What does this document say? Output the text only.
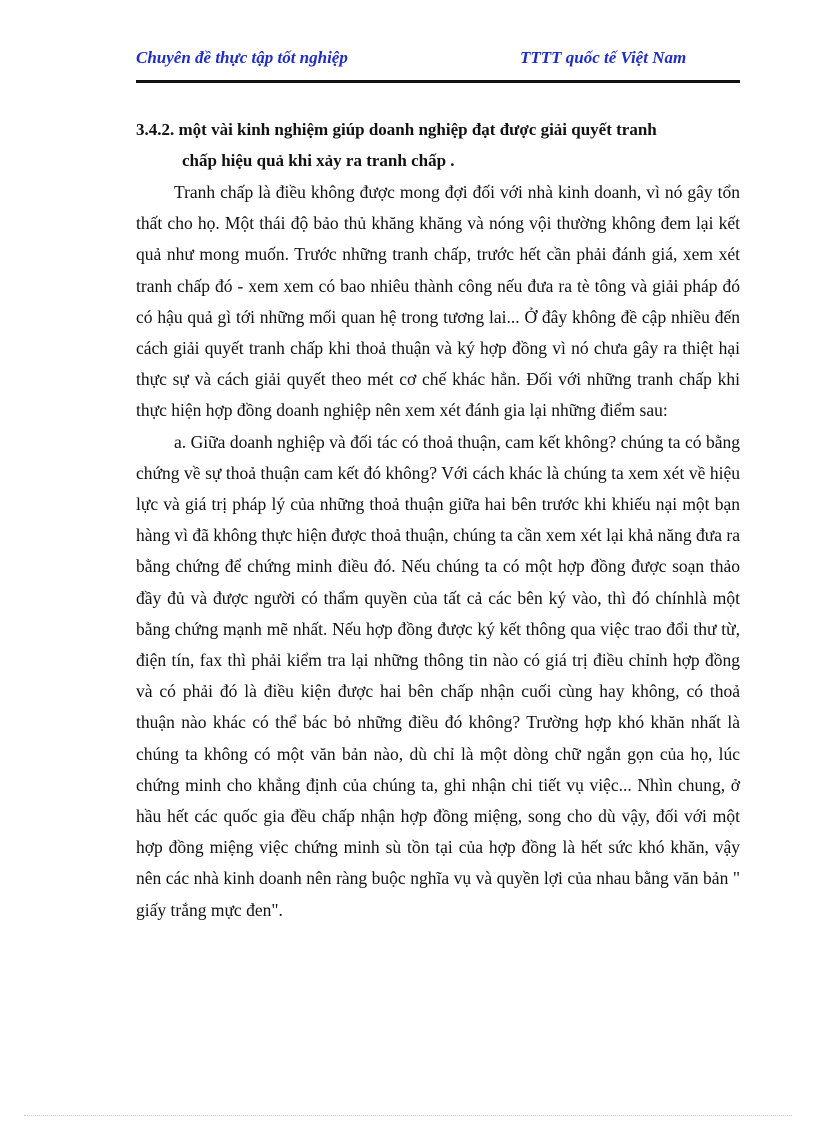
Chuyên đề thực tập tốt nghiệp	TTTT quốc tế Việt Nam
3.4.2. một vài kinh nghiệm giúp doanh nghiệp đạt được giải quyết tranh
chấp hiệu quả khi xảy ra tranh chấp .

Tranh chấp là điều không được mong đợi đối với nhà kinh doanh, vì nó gây tổn thất cho họ. Một thái độ bảo thủ khăng khăng và nóng vội thường không đem lại kết quả như mong muốn. Trước những tranh chấp, trước hết cần phải đánh giá, xem xét tranh chấp đó - xem xem có bao nhiêu thành công nếu đưa ra tè tông và giải pháp đó có hậu quả gì tới những mối quan hệ trong tương lai... Ở đây không đề cập nhiều đến cách giải quyết tranh chấp khi thoả thuận và ký hợp đồng vì nó chưa gây ra thiệt hại thực sự và cách giải quyết theo mét cơ chế khác hẳn. Đối với những tranh chấp khi thực hiện hợp đồng doanh nghiệp nên xem xét đánh gia lại những điểm sau:

a. Giữa doanh nghiệp và đối tác có thoả thuận, cam kết không? chúng ta có bằng chứng về sự thoả thuận cam kết đó không? Với cách khác là chúng ta xem xét về hiệu lực và giá trị pháp lý của những thoả thuận giữa hai bên trước khi khiếu nại một bạn hàng vì đã không thực hiện được thoả thuận, chúng ta cần xem xét lại khả năng đưa ra bằng chứng để chứng minh điều đó. Nếu chúng ta có một hợp đồng được soạn thảo đầy đủ và được người có thẩm quyền của tất cả các bên ký vào, thì đó chínhlà một bằng chứng mạnh mẽ nhất. Nếu hợp đồng được ký kết thông qua việc trao đổi thư từ, điện tín, fax thì phải kiểm tra lại những thông tin nào có giá trị điều chỉnh hợp đồng và có phải đó là điều kiện được hai bên chấp nhận cuối cùng hay không, có thoả thuận nào khác có thể bác bỏ những điều đó không? Trường hợp khó khăn nhất là chúng ta không có một văn bản nào, dù chỉ là một dòng chữ ngắn gọn của họ, lúc chứng minh cho khẳng định của chúng ta, ghi nhận chi tiết vụ việc... Nhìn chung, ở hầu hết các quốc gia đều chấp nhận hợp đồng miệng, song cho dù vậy, đối với một hợp đồng miệng việc chứng minh sù tồn tại của hợp đồng là hết sức khó khăn, vậy nên các nhà kinh doanh nên ràng buộc nghĩa vụ và quyền lợi của nhau bằng văn bản " giấy trắng mực đen".
